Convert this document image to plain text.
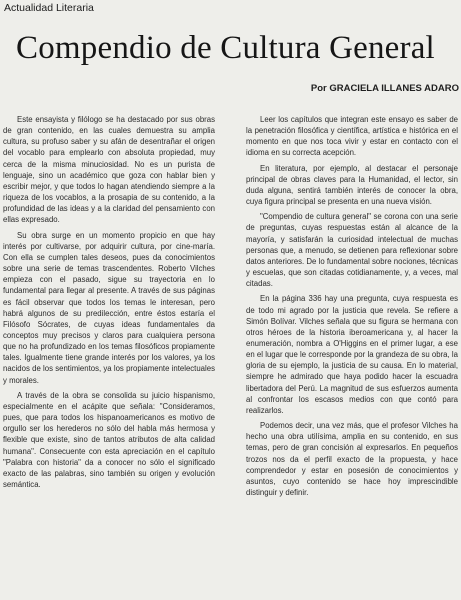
Actualidad Literaria
Compendio de Cultura General
Por GRACIELA ILLANES ADARO

Este ensayista y filólogo se ha destacado por sus obras de gran contenido, en las cuales demuestra su amplia cultura, su profuso saber y su afán de desentrañar el origen del vocablo para emplearlo con absoluta propiedad, muy cerca de la misma minuciosidad. No es un purista de lenguaje, sino un académico que goza con hablar bien y escribir mejor, y que todos lo hagan atendiendo siempre a la riqueza de los vocablos, a la prosapia de su contenido, a la profundidad de las ideas y a la claridad del pensamiento con ellas expresado.

Su obra surge en un momento propicio en que hay interés por cultivarse, por adquirir cultura, por cine-maría. Con ella se cumplen tales deseos, pues da conocimientos sobre una serie de temas trascendentes. Roberto Vilches empieza con el pasado, sigue su trayectoria en lo fundamental para llegar al presente. A través de sus páginas es fácil observar que todos los temas le interesan, pero habrá algunos de su predilección, entre éstos estaría el Filósofo Sócrates, de cuyas ideas fundamentales da conceptos muy precisos y claros para cualquiera persona que no ha profundizado en los temas filosóficos propiamente tales. Igualmente tiene grande interés por los valores, ya los nacidos de los sentimientos, ya los propiamente intelectuales y morales.

A través de la obra se consolida su juicio hispanismo, especialmente en el acápite que señala: "Consideramos, pues, que para todos los hispanoamericanos es motivo de orgullo ser los herederos no sólo del habla más hermosa y flexible que existe, sino de tantos atributos de alta calidad humana". Consecuente con esta apreciación en el capítulo "Palabra con historia" da a conocer no sólo el significado exacto de las palabras, sino también su origen y evolución semántica.

Leer los capítulos que integran este ensayo es saber de la penetración filosófica y científica, artística e histórica en el momento en que nos toca vivir y estar en contacto con el idioma en su correcta acepción.

En literatura, por ejemplo, al destacar el personaje principal de obras claves para la Humanidad, el lector, sin duda alguna, sentirá también interés de conocer la obra, cuya figura principal se presenta en una nueva visión.

"Compendio de cultura general" se corona con una serie de preguntas, cuyas respuestas están al alcance de la mayoría, y satisfarán la curiosidad intelectual de muchas personas que, a menudo, se detienen para reflexionar sobre datos anteriores. De lo fundamental sobre nociones, técnicas y escuelas, que son citadas cotidianamente, y, a veces, mal citadas.

En la página 336 hay una pregunta, cuya respuesta es de todo mi agrado por la justicia que revela. Se refiere a Simón Bolívar. Vilches señala que su figura se hermana con otros héroes de la historia iberoamericana y, al hacer la enumeración, nombra a O'Higgins en el primer lugar, a ese en el lugar que le corresponde por la grandeza de su obra, la gloria de su ejemplo, la justicia de su causa. En lo material, siempre he admirado que haya podido hacer la escuadra libertadora del Perú. La magnitud de sus esfuerzos aumenta al confrontar los escasos medios con que contó para realizarlos.

Podemos decir, una vez más, que el profesor Vilches ha hecho una obra utilísima, amplia en su contenido, en sus temas, pero de gran concisión al expresarlos. En pequeños trozos nos da el perfil exacto de la propuesta, y hace comprendedor y estar en posesión de conocimientos y asuntos, cuyo contenido se hace hoy imprescindible distinguir y definir.
